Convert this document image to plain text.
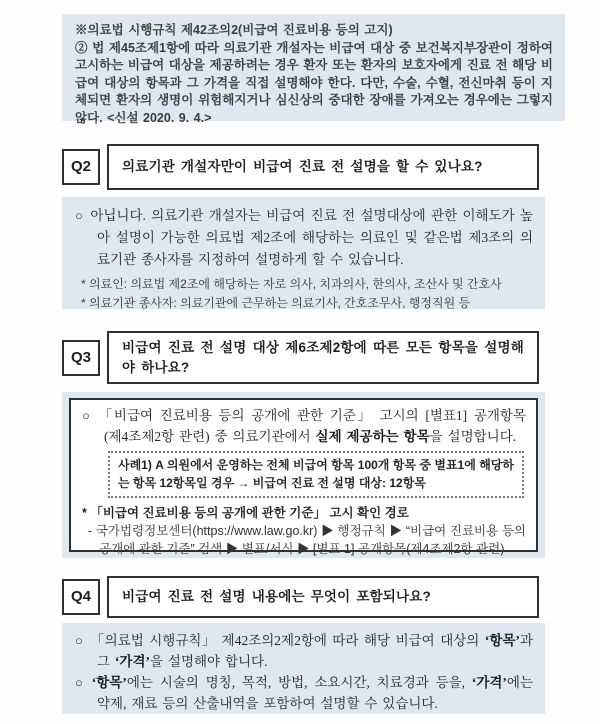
※의료법 시행규칙 제42조의2(비급여 진료비용 등의 고지)
② 법 제45조제1항에 따라 의료기관 개설자는 비급여 대상 중 보건복지부장관이 정하여 고시하는 비급여 대상을 제공하려는 경우 환자 또는 환자의 보호자에게 진료 전 해당 비급여 대상의 항목과 그 가격을 직접 설명해야 한다. 다만, 수술, 수혈, 전신마취 등이 지체되면 환자의 생명이 위험해지거나 심신상의 중대한 장애를 가져오는 경우에는 그렇지 않다. <신설 2020. 9. 4.>
Q2	의료기관 개설자만이 비급여 진료 전 설명을 할 수 있나요?

○ 아닙니다. 의료기관 개설자는 비급여 진료 전 설명대상에 관한 이해도가 높아 설명이 가능한 의료법 제2조에 해당하는 의료인 및 같은법 제3조의 의료기관 종사자를 지정하여 설명하게 할 수 있습니다.

* 의료인: 의료법 제2조에 해당하는 자로 의사, 치과의사, 한의사, 조산사 및 간호사

* 의료기관 종사자: 의료기관에 근무하는 의료기사, 간호조무사, 행정직원 등

Q3
비급여 진료 전 설명 대상 제6조제2항에 따른 모든 항목을 설명해야 하나요?

○ 「비급여 진료비용 등의 공개에 관한 기준」 고시의 [별표1] 공개항목 (제4조제2항 관련) 중 의료기관에서 실제 제공하는 항목을 설명합니다.

사례1) A 의원에서 운영하는 전체 비급여 항목 100개 항목 중 별표1에 해당하는 항목 12항목일 경우 → 비급여 진료 전 설명 대상: 12항목

* 「비급여 진료비용 등의 공개에 관한 기준」 고시 확인 경로

- 국가법령정보센터(https://www.law.go.kr) ▶ 행정규칙 ▶ “비급여 진료비용 등의 공개에 관한 기준” 검색 ▶ 별표/서식 ▶ [별표 1] 공개항목(제4조제2항 관련)

Q4	비급여 진료 전 설명 내용에는 무엇이 포함되나요?

○ 「의료법 시행규칙」 제42조의2제2항에 따라 해당 비급여 대상의 ‘항목’과 그 ‘가격’을 설명해야 합니다.

○ ‘항목’에는 시술의 명칭, 목적, 방법, 소요시간, 치료경과 등을, ‘가격’에는 약제, 재료 등의 산출내역을 포함하여 설명할 수 있습니다.
